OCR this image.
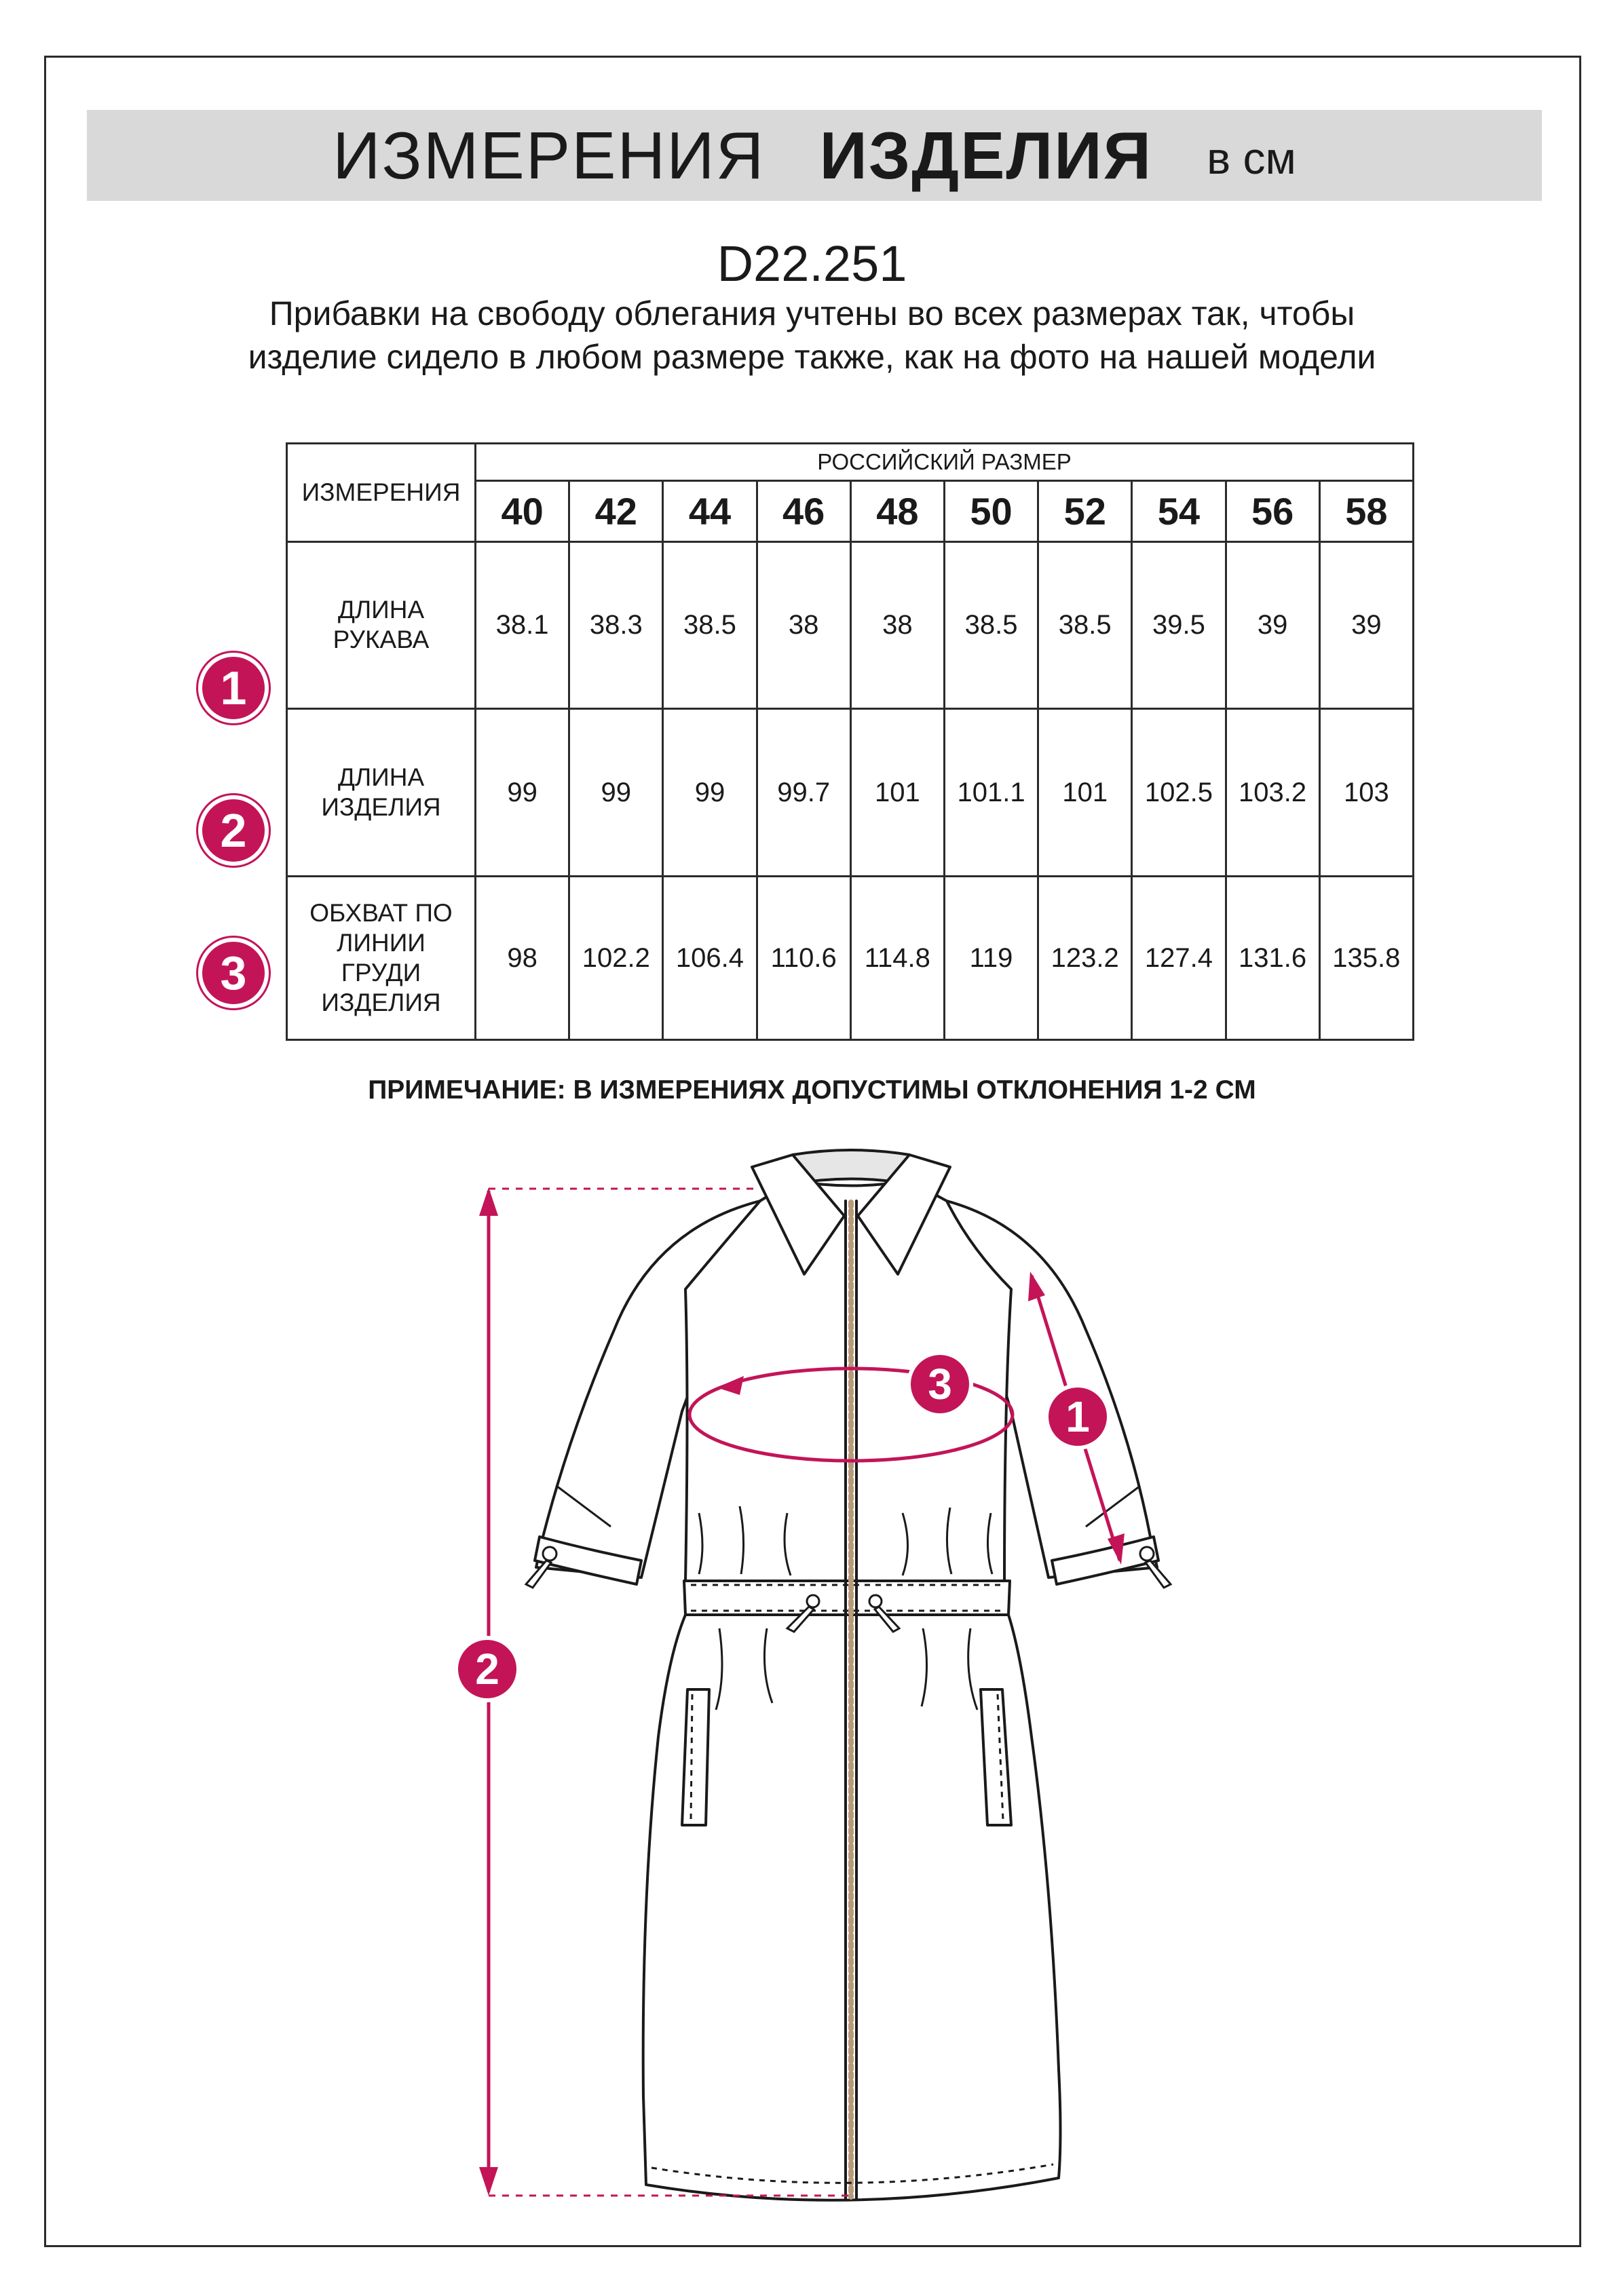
ИЗМЕРЕНИЯ ИЗДЕЛИЯ в см
D22.251
Прибавки на свободу облегания учтены во всех размерах так, чтобы изделие сидело в любом размере также, как на фото на нашей модели
ИЗМЕРЕНИЯ	РОССИЙСКИЙ РАЗМЕР									
	40	42	44	46	48	50	52	54	56	58

ДЛИНА
РУКАВА	38.1	38.3	38.5	38	38	38.5	38.5	39.5	39	39

ДЛИНА
ИЗДЕЛИЯ	99	99	99	99.7	101	101.1	101	102.5	103.2	103

ОБХВАТ ПО
ЛИНИИ
ГРУДИ
ИЗДЕЛИЯ	98	102.2	106.4	110.6	114.8	119	123.2	127.4	131.6	135.8
1
2
3
ПРИМЕЧАНИЕ: В ИЗМЕРЕНИЯХ ДОПУСТИМЫ ОТКЛОНЕНИЯ 1-2 СМ
1
2
3
